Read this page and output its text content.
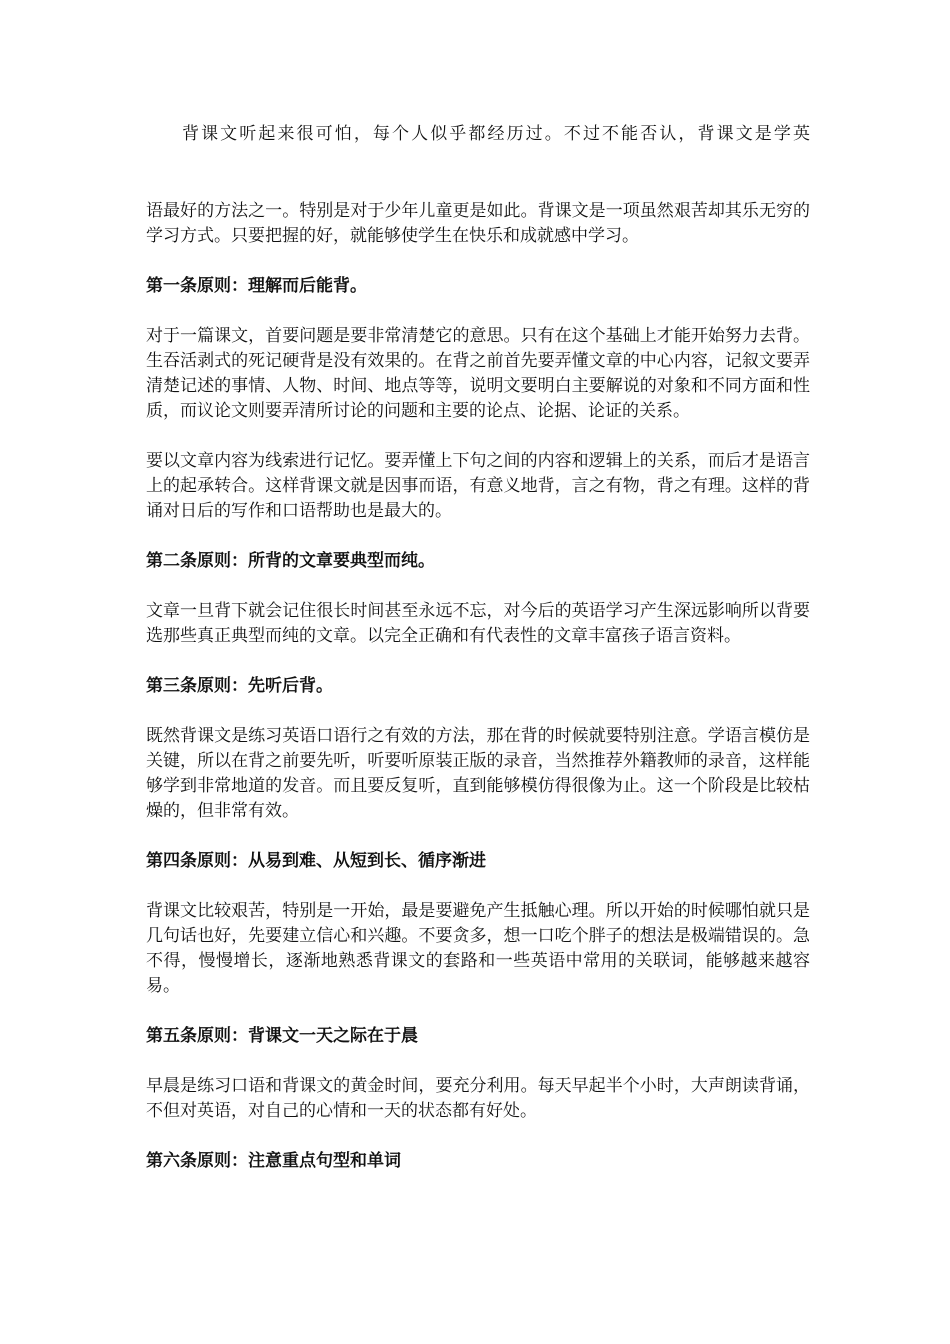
背课文听起来很可怕，每个人似乎都经历过。不过不能否认，背课文是学英

语最好的方法之一。特别是对于少年儿童更是如此。背课文是一项虽然艰苦却其乐无穷的学习方式。只要把握的好，就能够使学生在快乐和成就感中学习。

第一条原则：理解而后能背。

对于一篇课文，首要问题是要非常清楚它的意思。只有在这个基础上才能开始努力去背。生吞活剥式的死记硬背是没有效果的。在背之前首先要弄懂文章的中心内容，记叙文要弄清楚记述的事情、人物、时间、地点等等，说明文要明白主要解说的对象和不同方面和性质，而议论文则要弄清所讨论的问题和主要的论点、论据、论证的关系。

要以文章内容为线索进行记忆。要弄懂上下句之间的内容和逻辑上的关系，而后才是语言上的起承转合。这样背课文就是因事而语，有意义地背，言之有物，背之有理。这样的背诵对日后的写作和口语帮助也是最大的。

第二条原则：所背的文章要典型而纯。

文章一旦背下就会记住很长时间甚至永远不忘，对今后的英语学习产生深远影响所以背要选那些真正典型而纯的文章。以完全正确和有代表性的文章丰富孩子语言资料。

第三条原则：先听后背。

既然背课文是练习英语口语行之有效的方法，那在背的时候就要特别注意。学语言模仿是关键，所以在背之前要先听，听要听原装正版的录音，当然推荐外籍教师的录音，这样能够学到非常地道的发音。而且要反复听，直到能够模仿得很像为止。这一个阶段是比较枯燥的，但非常有效。

第四条原则：从易到难、从短到长、循序渐进

背课文比较艰苦，特别是一开始，最是要避免产生抵触心理。所以开始的时候哪怕就只是几句话也好，先要建立信心和兴趣。不要贪多，想一口吃个胖子的想法是极端错误的。急不得，慢慢增长，逐渐地熟悉背课文的套路和一些英语中常用的关联词，能够越来越容易。

第五条原则：背课文一天之际在于晨

早晨是练习口语和背课文的黄金时间，要充分利用。每天早起半个小时，大声朗读背诵，不但对英语，对自己的心情和一天的状态都有好处。

第六条原则：注意重点句型和单词
